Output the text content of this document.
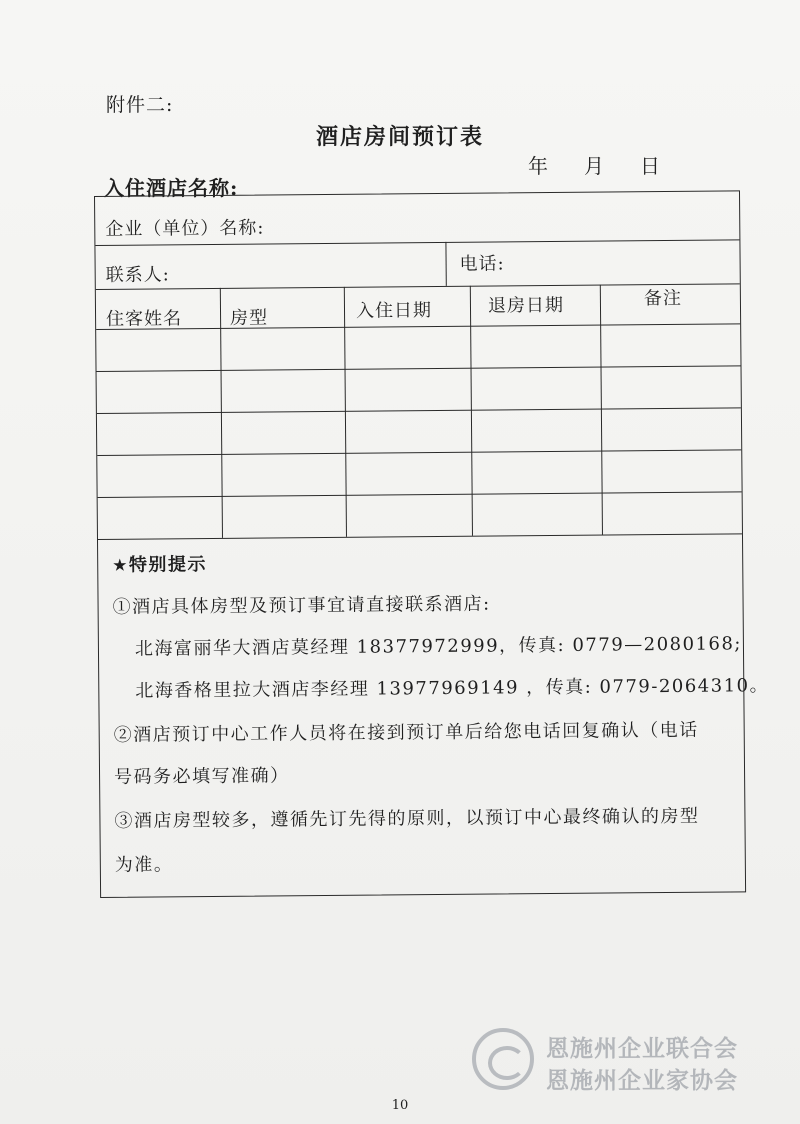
附件二:
酒店房间预订表
年 月 日
入住酒店名称:
企业（单位）名称:
联系人:
电话:
住客姓名	房型	入住日期	退房日期	备注
★特别提示
①酒店具体房型及预订事宜请直接联系酒店:
北海富丽华大酒店莫经理 18377972999，传真: 0779—2080168;
北海香格里拉大酒店李经理 13977969149 ，传真: 0779-2064310。
②酒店预订中心工作人员将在接到预订单后给您电话回复确认（电话
号码务必填写准确）
③酒店房型较多，遵循先订先得的原则，以预订中心最终确认的房型
为准。
恩施州企业联合会
恩施州企业家协会
10
